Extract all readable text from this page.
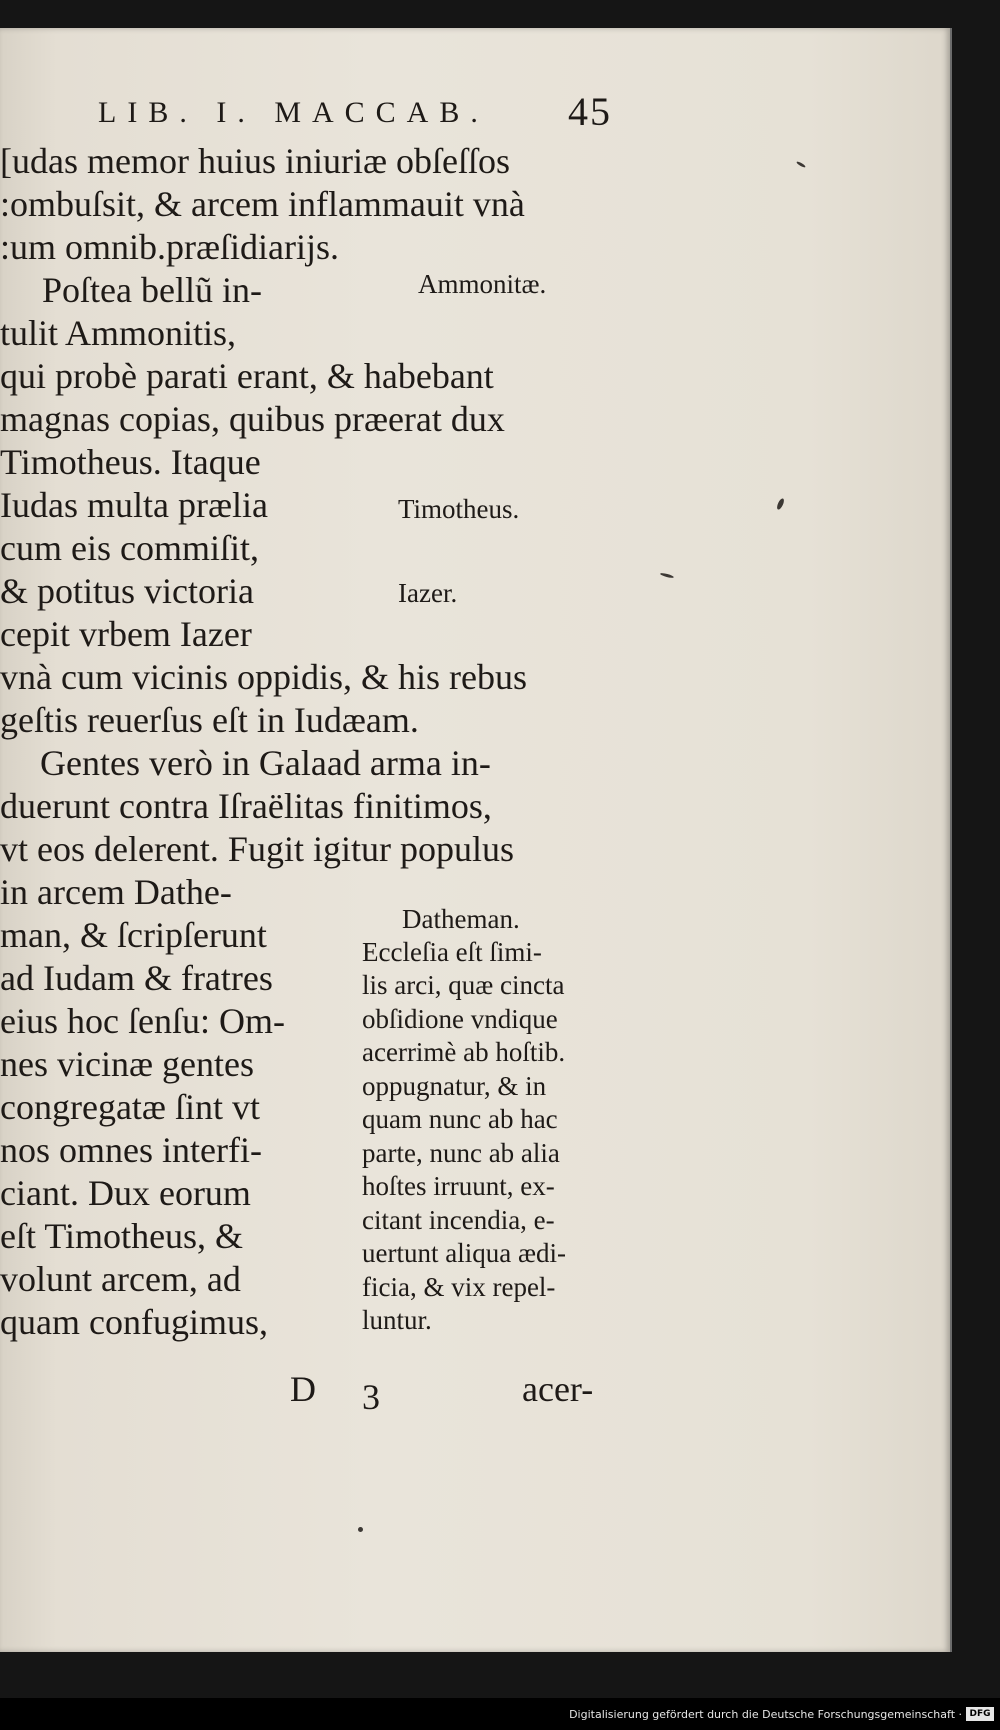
LIB. I. MACCAB. 45
[udas memor huius iniuriæ obſeſſos
:ombuſsit, & arcem inflammauit vnà
:um omnib.præſidiarijs.
Poſtea bellũ in-
tulit Ammonitis,
Ammonitæ.
qui probè parati erant, & habebant
magnas copias, quibus præerat dux
Timotheus. Itaque
Iudas multa prælia
cum eis commiſit,
& potitus victoria
cepit vrbem Iazer
Timotheus.
Iazer.
vnà cum vicinis oppidis, & his rebus
geſtis reuerſus eſt in Iudæam.
Gentes verò in Galaad arma in-
duerunt contra Iſraëlitas finitimos,
vt eos delerent. Fugit igitur populus
in arcem Dathe-
man, & ſcripſerunt
ad Iudam & fratres
eius hoc ſenſu: Om-
nes vicinæ gentes
congregatæ ſint vt
nos omnes interfi-
ciant. Dux eorum
eſt Timotheus, &
volunt arcem, ad
quam confugimus,
Datheman.
Eccleſia eſt ſimi-
lis arci, quæ cincta
obſidione vndique
acerrimè ab hoſtib.
oppugnatur, & in
quam nunc ab hac
parte, nunc ab alia
hoſtes irruunt, ex-
citant incendia, e-
uertunt aliqua ædi-
ficia, & vix repel-
luntur.
D 3	acer-
Digitalisierung gefördert durch die Deutsche Forschungsgemeinschaft · DFG
